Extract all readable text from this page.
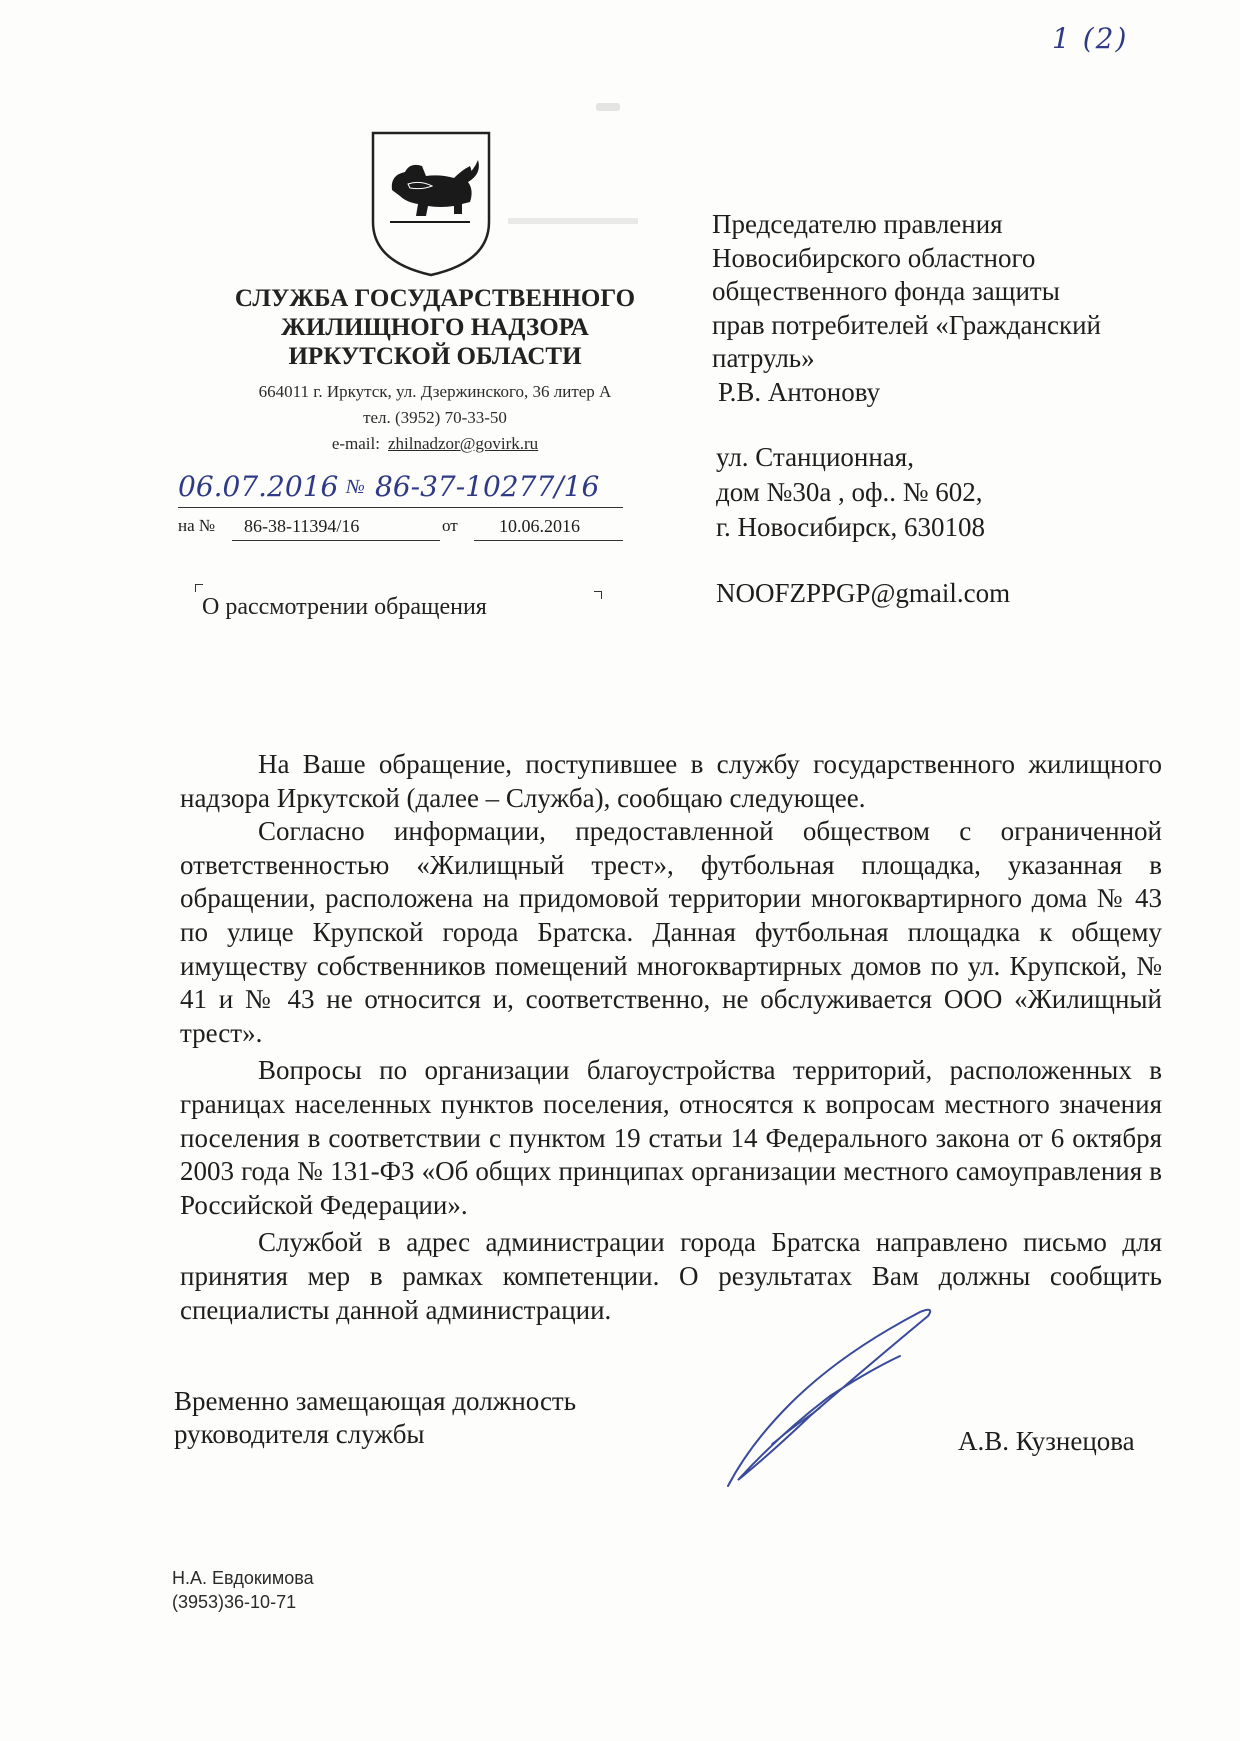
1 (2)
СЛУЖБА ГОСУДАРСТВЕННОГО
ЖИЛИЩНОГО НАДЗОРА
ИРКУТСКОЙ ОБЛАСТИ
664011 г. Иркутск, ул. Дзержинского, 36 литер А
тел. (3952) 70-33-50
e-mail: zhilnadzor@govirk.ru
06.07.2016 № 86-37-10277/16
на № 86-38-11394/16	от 10.06.2016
О рассмотрении обращения
Председателю правления
Новосибирского областного
общественного фонда защиты
прав потребителей «Гражданский
патруль»
Р.В. Антонову
ул. Станционная,
дом №30а , оф.. № 602,
г. Новосибирск, 630108
NOOFZPPGP@gmail.com

На Ваше обращение, поступившее в службу государственного жилищного надзора Иркутской (далее – Служба), сообщаю следующее.

Согласно информации, предоставленной обществом с ограниченной ответственностью «Жилищный трест», футбольная площадка, указанная в обращении, расположена на придомовой территории многоквартирного дома № 43 по улице Крупской города Братска. Данная футбольная площадка к общему имуществу собственников помещений многоквартирных домов по ул. Крупской, № 41 и № 43 не относится и, соответственно, не обслуживается ООО «Жилищный трест».

Вопросы по организации благоустройства территорий, расположенных в границах населенных пунктов поселения, относятся к вопросам местного значения поселения в соответствии с пунктом 19 статьи 14 Федерального закона от 6 октября 2003 года № 131-ФЗ «Об общих принципах организации местного самоуправления в Российской Федерации».

Службой в адрес администрации города Братска направлено письмо для принятия мер в рамках компетенции. О результатах Вам должны сообщить специалисты данной администрации.

Временно замещающая должность
руководителя службы	А.В. Кузнецова
Н.А. Евдокимова
(3953)36-10-71
